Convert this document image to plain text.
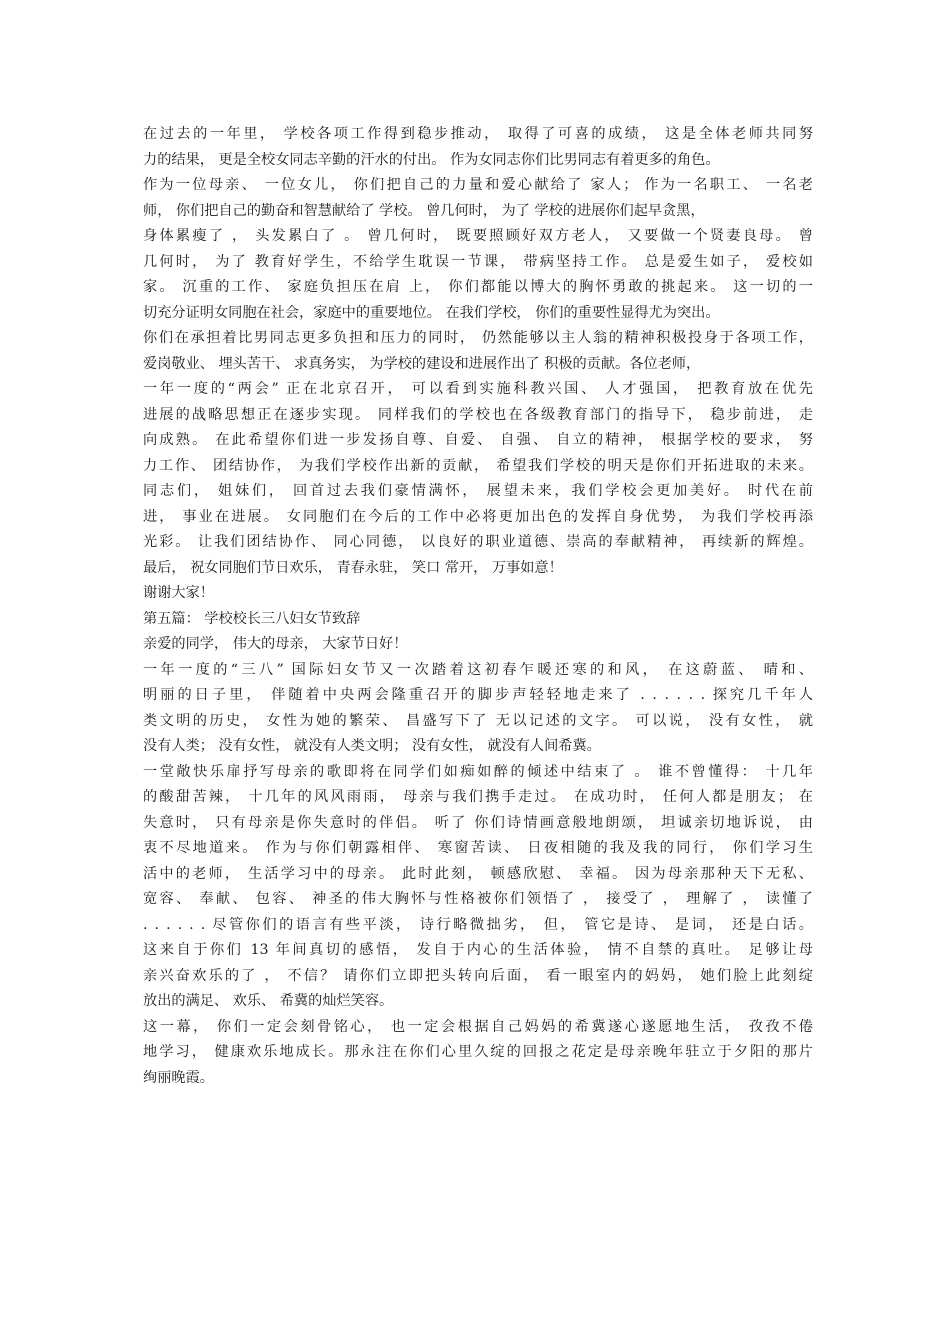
在过去的一年里， 学校各项工作得到稳步推动， 取得了可喜的成绩， 这是全体老师共同努
力的结果， 更是全校女同志辛勤的汗水的付出。 作为女同志你们比男同志有着更多的角色。
作为一位母亲、 一位女儿， 你们把自己的力量和爱心献给了 家人； 作为一名职工、 一名老
师， 你们把自己的勤奋和智慧献给了 学校。 曾几何时， 为了 学校的进展你们起早贪黑，
身体累瘦了 ， 头发累白了 。 曾几何时， 既要照顾好双方老人， 又要做一个贤妻良母。 曾
几何时， 为了 教育好学生，不给学生耽误一节课， 带病坚持工作。 总是爱生如子， 爱校如
家。 沉重的工作、 家庭负担压在肩 上， 你们都能以博大的胸怀勇敢的挑起来。 这一切的一
切充分证明女同胞在社会，家庭中的重要地位。 在我们学校， 你们的重要性显得尤为突出。
你们在承担着比男同志更多负担和压力的同时， 仍然能够以主人翁的精神积极投身于各项工作，
爱岗敬业、 埋头苦干、 求真务实， 为学校的建设和进展作出了 积极的贡献。各位老师，
一年一度的“两会” 正在北京召开， 可以看到实施科教兴国、 人才强国， 把教育放在优先
进展的战略思想正在逐步实现。 同样我们的学校也在各级教育部门的指导下， 稳步前进， 走
向成熟。 在此希望你们进一步发扬自尊、自爱、 自强、 自立的精神， 根据学校的要求， 努
力工作、 团结协作， 为我们学校作出新的贡献， 希望我们学校的明天是你们开拓进取的未来。
同志们， 姐妹们， 回首过去我们豪情满怀， 展望未来，我们学校会更加美好。 时代在前
进， 事业在进展。 女同胞们在今后的工作中必将更加出色的发挥自身优势， 为我们学校再添
光彩。 让我们团结协作、 同心同德， 以良好的职业道德、崇高的奉献精神， 再续新的辉煌。
最后， 祝女同胞们节日欢乐， 青春永驻， 笑口 常开， 万事如意！
谢谢大家！
第五篇： 学校校长三八妇女节致辞
亲爱的同学， 伟大的母亲， 大家节日好！
一年一度的“三八” 国际妇女节又一次踏着这初春乍暖还寒的和风， 在这蔚蓝、 晴和、
明丽的日子里， 伴随着中央两会隆重召开的脚步声轻轻地走来了 . . . . . . 探究几千年人
类文明的历史， 女性为她的繁荣、 昌盛写下了 无以记述的文字。 可以说， 没有女性， 就
没有人类； 没有女性， 就没有人类文明； 没有女性， 就没有人间希冀。
一堂敞快乐扉抒写母亲的歌即将在同学们如痴如醉的倾述中结束了 。 谁不曾懂得： 十几年
的酸甜苦辣， 十几年的风风雨雨， 母亲与我们携手走过。 在成功时， 任何人都是朋友； 在
失意时， 只有母亲是你失意时的伴侣。 听了 你们诗情画意般地朗颂， 坦诚亲切地诉说， 由
衷不尽地道来。 作为与你们朝露相伴、 寒窗苦读、 日夜相随的我及我的同行， 你们学习生
活中的老师， 生活学习中的母亲。 此时此刻， 顿感欣慰、 幸福。 因为母亲那种天下无私、
宽容、 奉献、 包容、 神圣的伟大胸怀与性格被你们领悟了 ， 接受了 ， 理解了 ， 读懂了
. . . . . . 尽管你们的语言有些平淡， 诗行略微拙劣， 但， 管它是诗、 是词， 还是白话。
这来自于你们 13 年间真切的感悟， 发自于内心的生活体验， 情不自禁的真吐。 足够让母
亲兴奋欢乐的了 ， 不信？ 请你们立即把头转向后面， 看一眼室内的妈妈， 她们脸上此刻绽
放出的满足、 欢乐、 希冀的灿烂笑容。
这一幕， 你们一定会刻骨铭心， 也一定会根据自己妈妈的希冀遂心遂愿地生活， 孜孜不倦
地学习， 健康欢乐地成长。那永注在你们心里久绽的回报之花定是母亲晚年驻立于夕阳的那片
绚丽晚霞。
